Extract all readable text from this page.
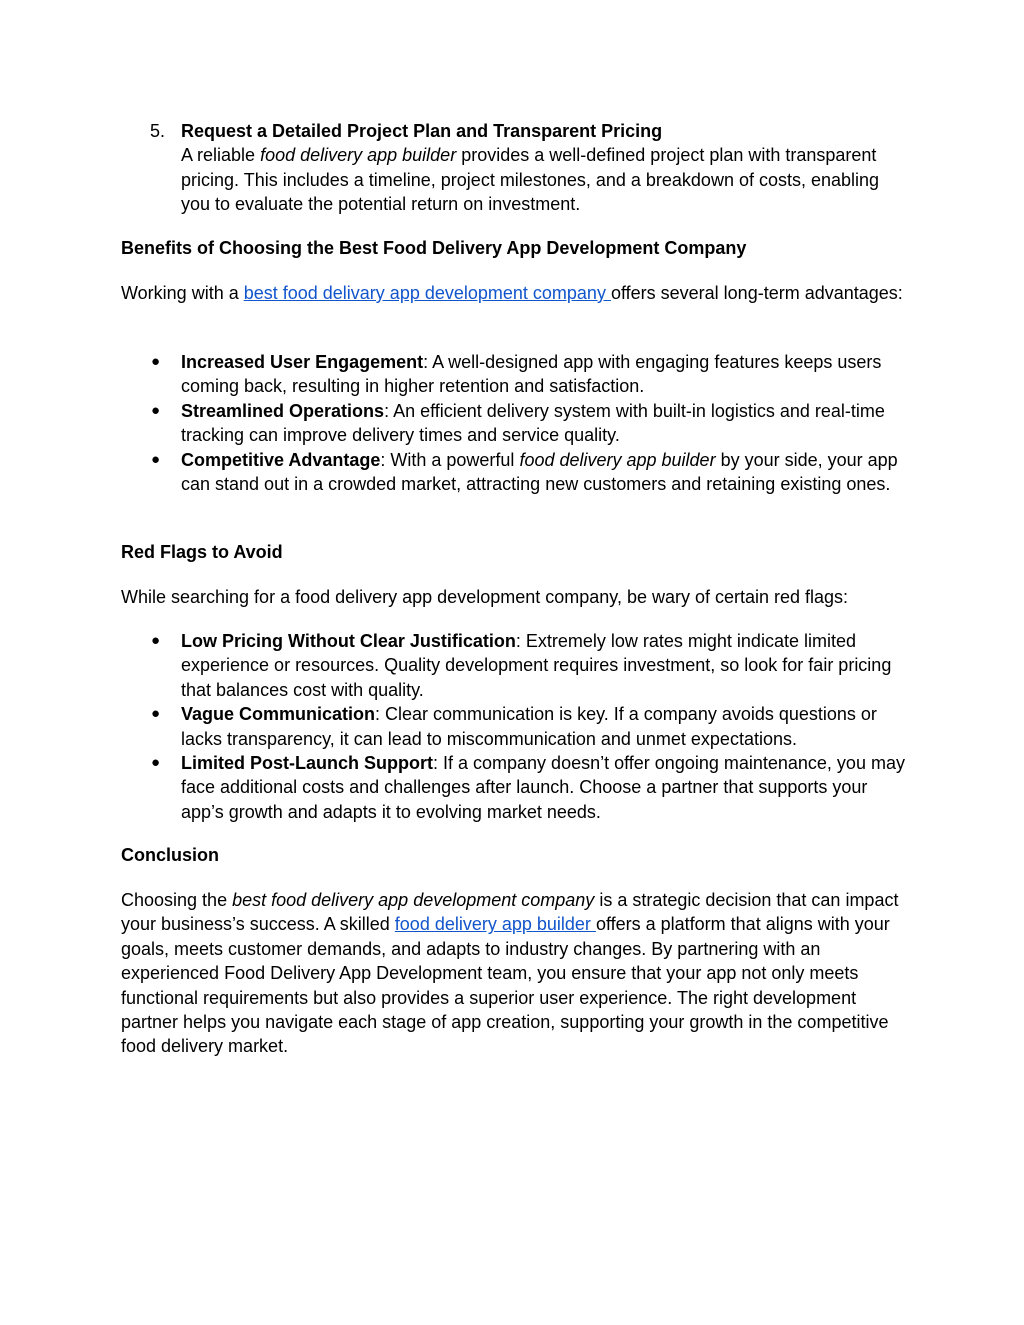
5. Request a Detailed Project Plan and Transparent Pricing
A reliable food delivery app builder provides a well-defined project plan with transparent pricing. This includes a timeline, project milestones, and a breakdown of costs, enabling you to evaluate the potential return on investment.
Benefits of Choosing the Best Food Delivery App Development Company
Working with a best food delivary app development company offers several long-term advantages:
● Increased User Engagement: A well-designed app with engaging features keeps users coming back, resulting in higher retention and satisfaction.
● Streamlined Operations: An efficient delivery system with built-in logistics and real-time tracking can improve delivery times and service quality.
● Competitive Advantage: With a powerful food delivery app builder by your side, your app can stand out in a crowded market, attracting new customers and retaining existing ones.
Red Flags to Avoid
While searching for a food delivery app development company, be wary of certain red flags:
● Low Pricing Without Clear Justification: Extremely low rates might indicate limited experience or resources. Quality development requires investment, so look for fair pricing that balances cost with quality.
● Vague Communication: Clear communication is key. If a company avoids questions or lacks transparency, it can lead to miscommunication and unmet expectations.
● Limited Post-Launch Support: If a company doesn’t offer ongoing maintenance, you may face additional costs and challenges after launch. Choose a partner that supports your app’s growth and adapts it to evolving market needs.
Conclusion
Choosing the best food delivery app development company is a strategic decision that can impact your business’s success. A skilled food delivery app builder offers a platform that aligns with your goals, meets customer demands, and adapts to industry changes. By partnering with an experienced Food Delivery App Development team, you ensure that your app not only meets functional requirements but also provides a superior user experience. The right development partner helps you navigate each stage of app creation, supporting your growth in the competitive food delivery market.
